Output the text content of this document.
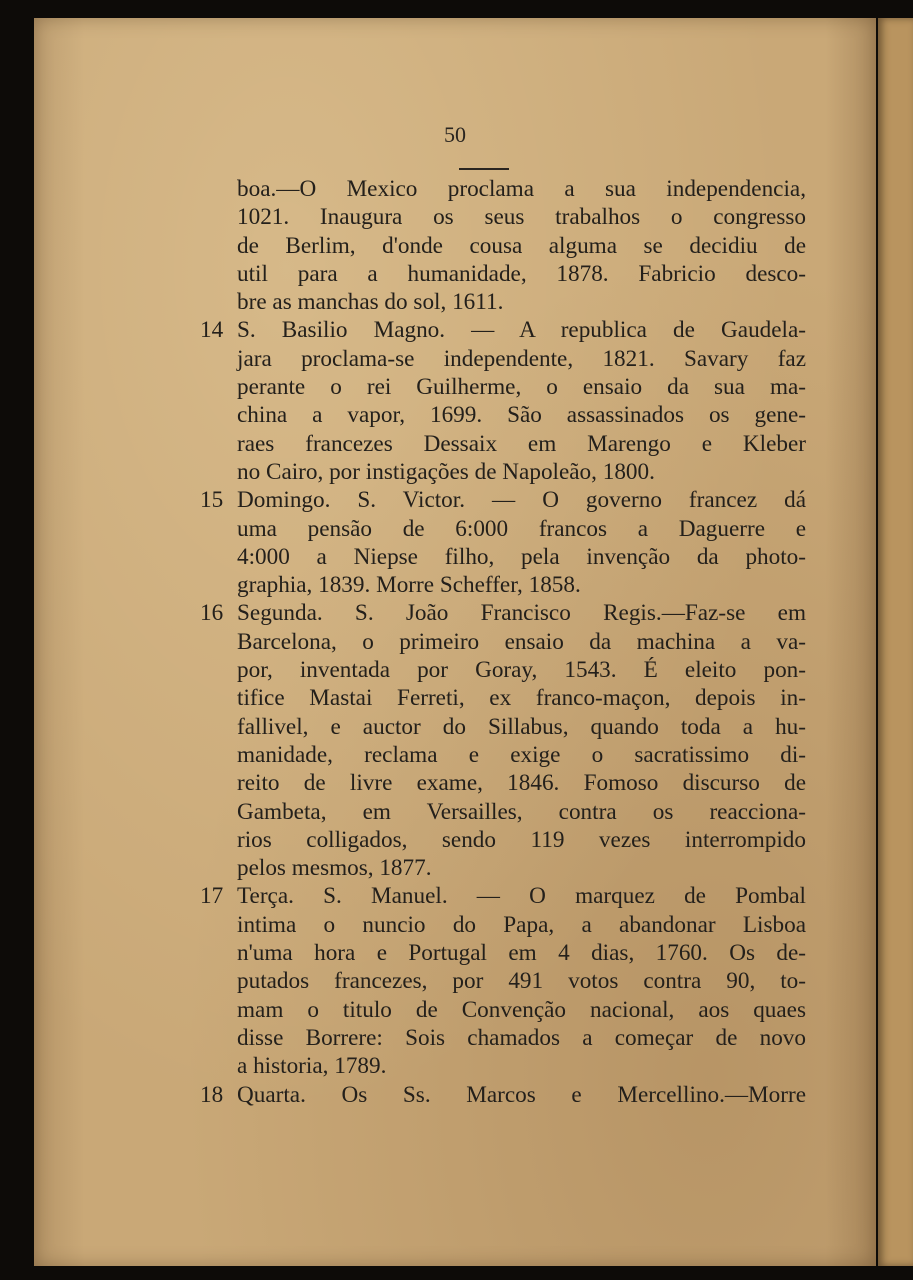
50
boa.—O Mexico proclama a sua independencia,
1021. Inaugura os seus trabalhos o congresso
de Berlim, d'onde cousa alguma se decidiu de
util para a humanidade, 1878. Fabricio desco-
bre as manchas do sol, 1611.
14 S. Basilio Magno. — A republica de Gaudela-
jara proclama-se independente, 1821. Savary faz
perante o rei Guilherme, o ensaio da sua ma-
china a vapor, 1699. São assassinados os gene-
raes francezes Dessaix em Marengo e Kleber
no Cairo, por instigações de Napoleão, 1800.
15 Domingo. S. Victor. — O governo francez dá
uma pensão de 6:000 francos a Daguerre e
4:000 a Niepse filho, pela invenção da photo-
graphia, 1839. Morre Scheffer, 1858.
16 Segunda. S. João Francisco Regis.—Faz-se em
Barcelona, o primeiro ensaio da machina a va-
por, inventada por Goray, 1543. É eleito pon-
tifice Mastai Ferreti, ex franco-maçon, depois in-
fallivel, e auctor do Sillabus, quando toda a hu-
manidade, reclama e exige o sacratissimo di-
reito de livre exame, 1846. Fomoso discurso de
Gambeta, em Versailles, contra os reacciona-
rios colligados, sendo 119 vezes interrompido
pelos mesmos, 1877.
17 Terça. S. Manuel. — O marquez de Pombal
intima o nuncio do Papa, a abandonar Lisboa
n'uma hora e Portugal em 4 dias, 1760. Os de-
putados francezes, por 491 votos contra 90, to-
mam o titulo de Convenção nacional, aos quaes
disse Borrere: Sois chamados a começar de novo
a historia, 1789.
18 Quarta. Os Ss. Marcos e Mercellino.—Morre
